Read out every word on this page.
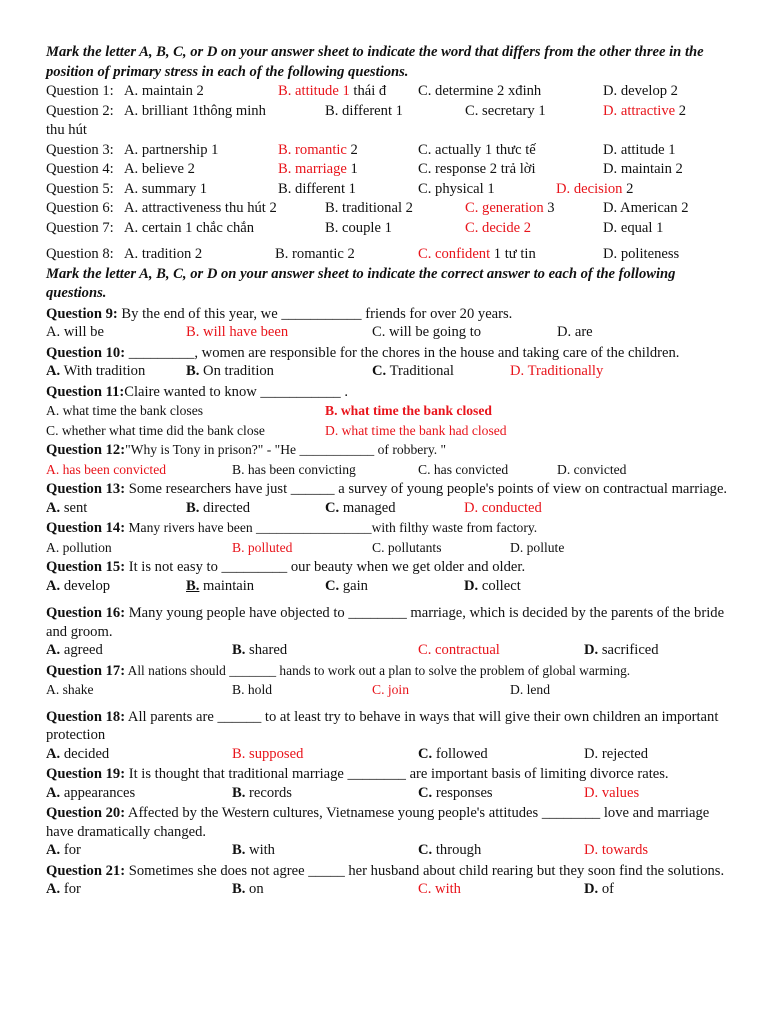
Mark the letter A, B, C, or D on your answer sheet to indicate the word that differs from the other three in the position of primary stress in each of the following questions.

Question 1: A. maintain 2	B. attitude 1 thái đ C. determine 2 xđinh	D. develop 2
Question 2: A. brilliant 1thông minh	B. different 1	C. secretary 1	D. attractive 2
thu hút
Question 3: A. partnership 1	B. romantic 2	C. actually 1 thưc tế	D. attitude 1
Question 4: A. believe 2	B. marriage 1	C. response 2 trả lời	D. maintain 2
Question 5: A. summary 1	B. different 1	C. physical 1	D. decision 2
Question 6: A. attractiveness thu hút 2	B. traditional 2	C. generation 3	D. American 2
Question 7: A. certain 1 chắc chắn	B. couple 1	C. decide 2	D. equal 1
Question 8: A. tradition 2	B. romantic 2	C. confident 1 tư tin	D. politeness

Mark the letter A, B, C, or D on your answer sheet to indicate the correct answer to each of the following questions.

Question 9: By the end of this year, we ___________ friends for over 20 years.
A. will be	B. will have been	C. will be going to	D. are
Question 10: _________, women are responsible for the chores in the house and taking care of the children.
A. With tradition	B. On tradition	C. Traditional	D. Traditionally
Question 11:Claire wanted to know ___________ .
A. what time the bank closes	B. what time the bank closed
C. whether what time did the bank close	D. what time the bank had closed
Question 12:"Why is Tony in prison?" - "He ___________ of robbery. "
A. has been convicted	B. has been convicting	C. has convicted	D. convicted
Question 13: Some researchers have just ______ a survey of young people's points of view on contractual marriage.
A. sent	B. directed	C. managed	D. conducted
Question 14: Many rivers have been _________________with filthy waste from factory.
A. pollution	B. polluted	C. pollutants	D. pollute
Question 15: It is not easy to _________ our beauty when we get older and older.
A. develop	B. maintain	C. gain	D. collect
Question 16: Many young people have objected to ________ marriage, which is decided by the parents of the bride and groom.
A. agreed	B. shared	C. contractual	D. sacrificed
Question 17: All nations should _______ hands to work out a plan to solve the problem of global warming.
A. shake	B. hold	C. join	D. lend
Question 18: All parents are ______ to at least try to behave in ways that will give their own children an important protection
A. decided	B. supposed	C. followed	D. rejected
Question 19: It is thought that traditional marriage ________ are important basis of limiting divorce rates.
A. appearances	B. records	C. responses	D. values
Question 20: Affected by the Western cultures, Vietnamese young people's attitudes ________ love and marriage have dramatically changed.
A. for	B. with	C. through	D. towards
Question 21: Sometimes she does not agree _____ her husband about child rearing but they soon find the solutions.
A. for	B. on	C. with	D. of
